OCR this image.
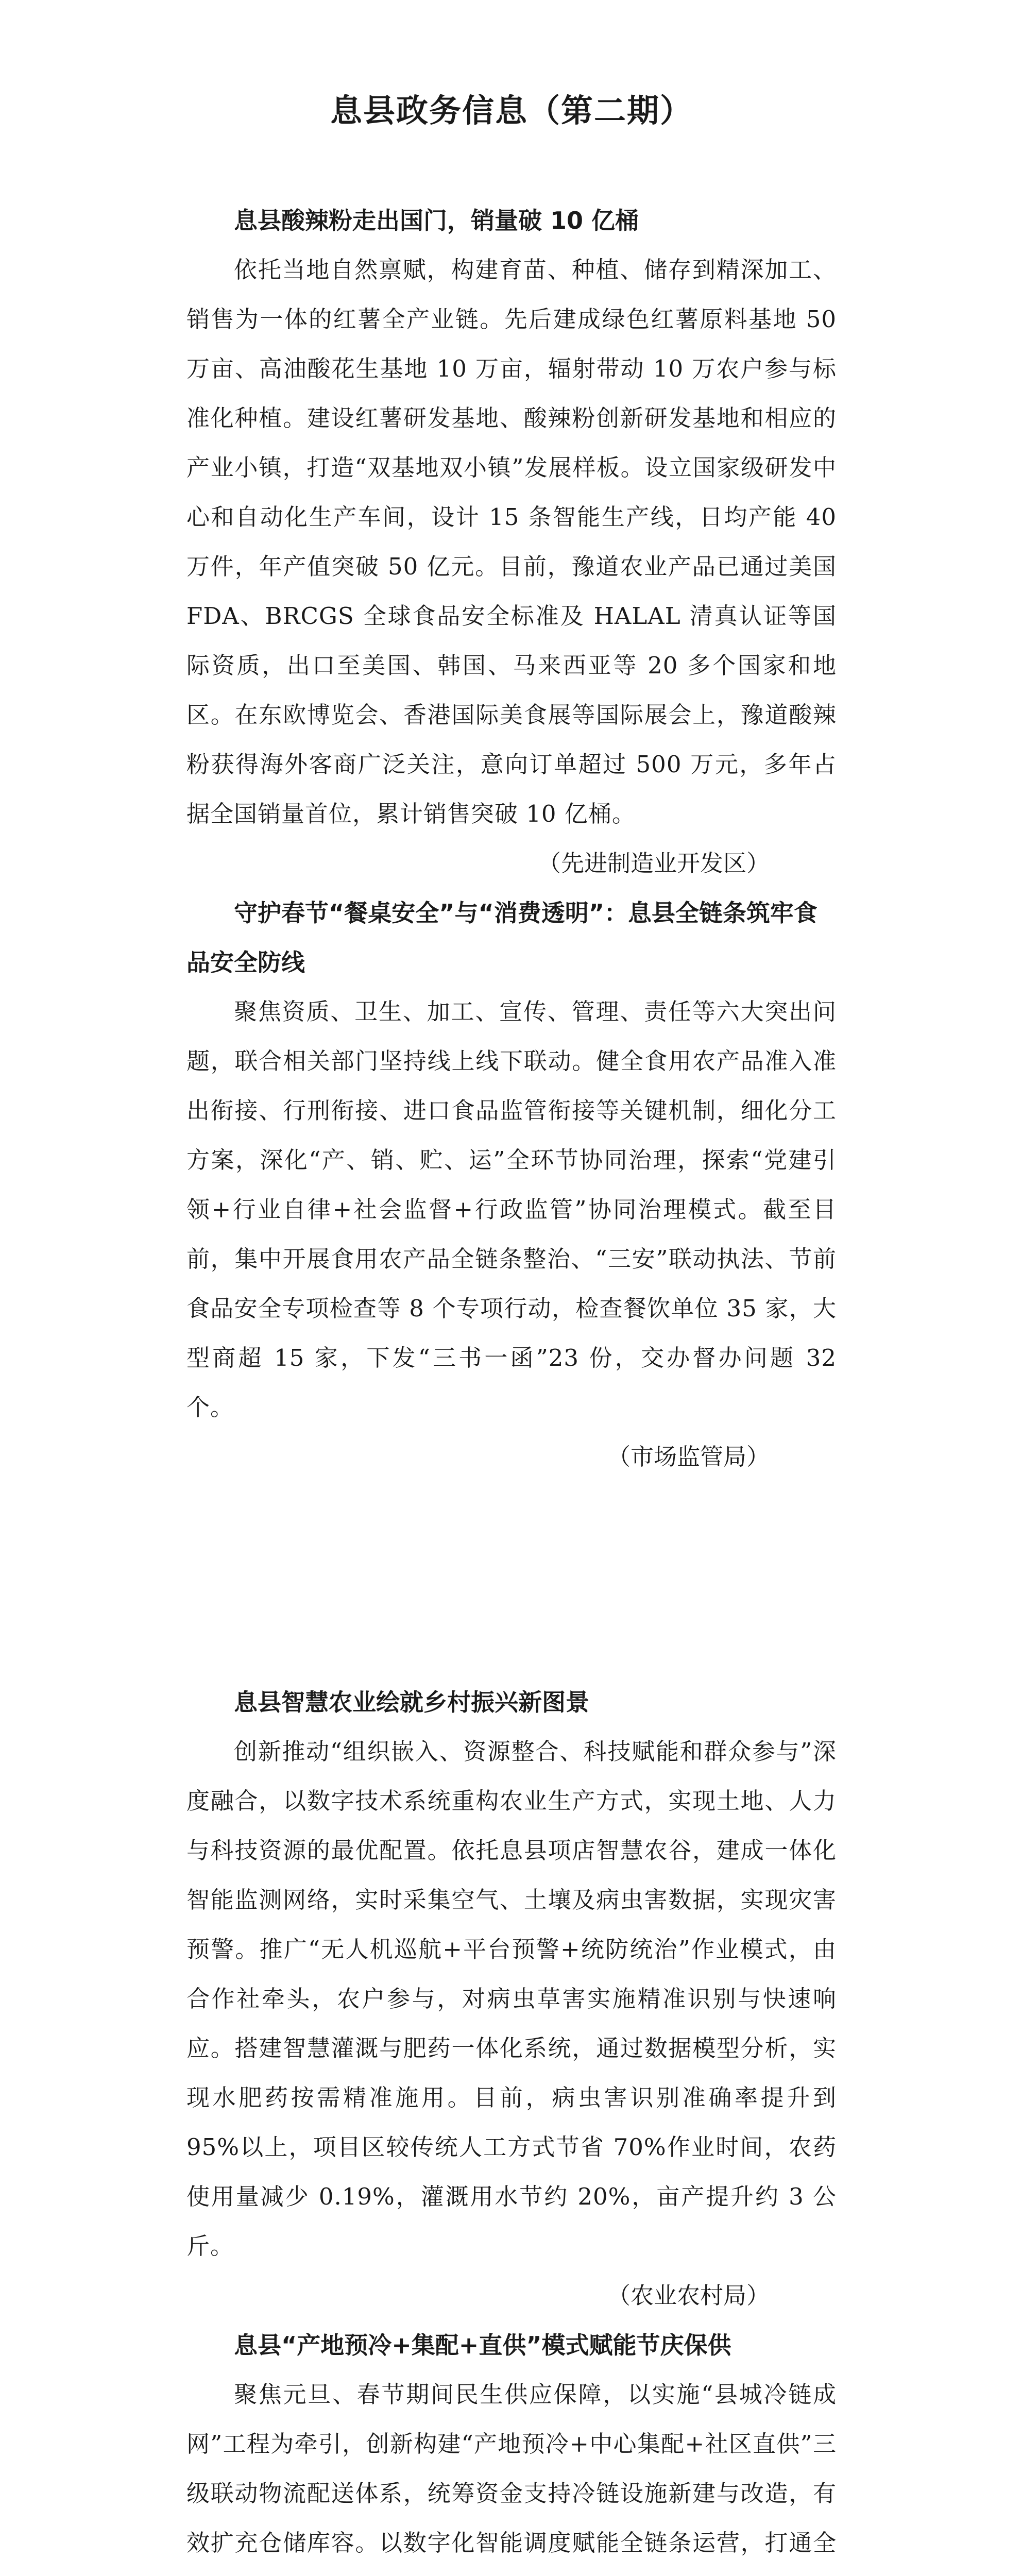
息县政务信息（第二期）
息县酸辣粉走出国门，销量破 10 亿桶

依托当地自然禀赋，构建育苗、种植、储存到精深加工、销售为一体的红薯全产业链。先后建成绿色红薯原料基地 50 万亩、高油酸花生基地 10 万亩，辐射带动 10 万农户参与标准化种植。建设红薯研发基地、酸辣粉创新研发基地和相应的产业小镇，打造“双基地双小镇”发展样板。设立国家级研发中心和自动化生产车间，设计 15 条智能生产线，日均产能 40 万件，年产值突破 50 亿元。目前，豫道农业产品已通过美国 FDA、BRCGS 全球食品安全标准及 HALAL 清真认证等国际资质，出口至美国、韩国、马来西亚等 20 多个国家和地区。在东欧博览会、香港国际美食展等国际展会上，豫道酸辣粉获得海外客商广泛关注，意向订单超过 500 万元，多年占据全国销量首位，累计销售突破 10 亿桶。

（先进制造业开发区）

守护春节“餐桌安全”与“消费透明”：息县全链条筑牢食品安全防线

聚焦资质、卫生、加工、宣传、管理、责任等六大突出问题，联合相关部门坚持线上线下联动。健全食用农产品准入准出衔接、行刑衔接、进口食品监管衔接等关键机制，细化分工方案，深化“产、销、贮、运”全环节协同治理，探索“党建引领+行业自律+社会监督+行政监管”协同治理模式。截至目前，集中开展食用农产品全链条整治、“三安”联动执法、节前食品安全专项检查等 8 个专项行动，检查餐饮单位 35 家，大型商超 15 家，下发“三书一函”23 份，交办督办问题 32 个。

（市场监管局）

息县智慧农业绘就乡村振兴新图景

创新推动“组织嵌入、资源整合、科技赋能和群众参与”深度融合，以数字技术系统重构农业生产方式，实现土地、人力与科技资源的最优配置。依托息县项店智慧农谷，建成一体化智能监测网络，实时采集空气、土壤及病虫害数据，实现灾害预警。推广“无人机巡航+平台预警+统防统治”作业模式，由合作社牵头，农户参与，对病虫草害实施精准识别与快速响应。搭建智慧灌溉与肥药一体化系统，通过数据模型分析，实现水肥药按需精准施用。目前，病虫害识别准确率提升到 95%以上，项目区较传统人工方式节省 70%作业时间，农药使用量减少 0.19%，灌溉用水节约 20%，亩产提升约 3 公斤。

（农业农村局）

息县“产地预冷+集配+直供”模式赋能节庆保供

聚焦元旦、春节期间民生供应保障，以实施“县城冷链成网”工程为牵引，创新构建“产地预冷+中心集配+社区直供”三级联动物流配送体系，统筹资金支持冷链设施新建与改造，有效扩充仓储库容。以数字化智能调度赋能全链条运营，打通全
